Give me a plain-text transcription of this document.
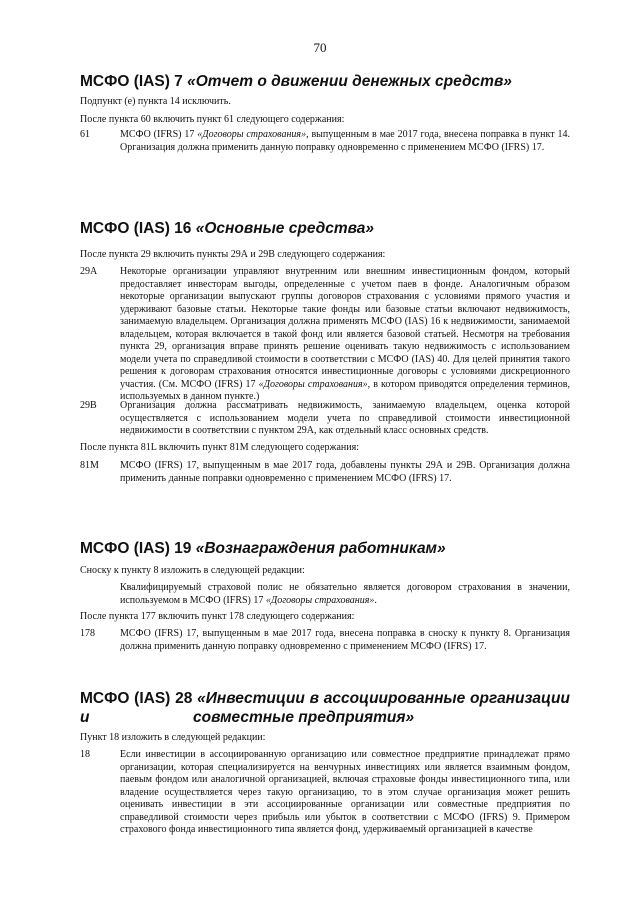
70
МСФО (IAS) 7 «Отчет о движении денежных средств»
Подпункт (е) пункта 14 исключить.
После пункта 60 включить пункт 61 следующего содержания:
61	МСФО (IFRS) 17 «Договоры страхования», выпущенным в мае 2017 года, внесена поправка в пункт 14. Организация должна применить данную поправку одновременно с применением МСФО (IFRS) 17.
МСФО (IAS) 16 «Основные средства»
После пункта 29 включить пункты 29А и 29В следующего содержания:
29А Некоторые организации управляют внутренним или внешним инвестиционным фондом, который предоставляет инвесторам выгоды, определенные с учетом паев в фонде. Аналогичным образом некоторые организации выпускают группы договоров страхования с условиями прямого участия и удерживают базовые статьи. Некоторые такие фонды или базовые статьи включают недвижимость, занимаемую владельцем. Организация должна применять МСФО (IAS) 16 к недвижимости, занимаемой владельцем, которая включается в такой фонд или является базовой статьей. Несмотря на требования пункта 29, организация вправе принять решение оценивать такую недвижимость с использованием модели учета по справедливой стоимости в соответствии с МСФО (IAS) 40. Для целей принятия такого решения к договорам страхования относятся инвестиционные договоры с условиями дискреционного участия. (См. МСФО (IFRS) 17 «Договоры страхования», в котором приводятся определения терминов, используемых в данном пункте.)
29В Организация должна рассматривать недвижимость, занимаемую владельцем, оценка которой осуществляется с использованием модели учета по справедливой стоимости инвестиционной недвижимости в соответствии с пунктом 29А, как отдельный класс основных средств.
После пункта 81L включить пункт 81M следующего содержания:
81M МСФО (IFRS) 17, выпущенным в мае 2017 года, добавлены пункты 29А и 29В. Организация должна применить данные поправки одновременно с применением МСФО (IFRS) 17.
МСФО (IAS) 19 «Вознаграждения работникам»
Сноску к пункту 8 изложить в следующей редакции:
Квалифицируемый страховой полис не обязательно является договором страхования в значении, используемом в МСФО (IFRS) 17 «Договоры страхования».
После пункта 177 включить пункт 178 следующего содержания:
178	МСФО (IFRS) 17, выпущенным в мае 2017 года, внесена поправка в сноску к пункту 8. Организация должна применить данную поправку одновременно с применением МСФО (IFRS) 17.
МСФО (IAS) 28 «Инвестиции в ассоциированные организации и	совместные предприятия»
Пункт 18 изложить в следующей редакции:
18	Если инвестиции в ассоциированную организацию или совместное предприятие принадлежат прямо организации, которая специализируется на венчурных инвестициях или является взаимным фондом, паевым фондом или аналогичной организацией, включая страховые фонды инвестиционного типа, или владение осуществляется через такую организацию, то в этом случае организация может решить оценивать инвестиции в эти ассоциированные организации или совместные предприятия по справедливой стоимости через прибыль или убыток в соответствии с МСФО (IFRS) 9. Примером страхового фонда инвестиционного типа является фонд, удерживаемый организацией в качестве
